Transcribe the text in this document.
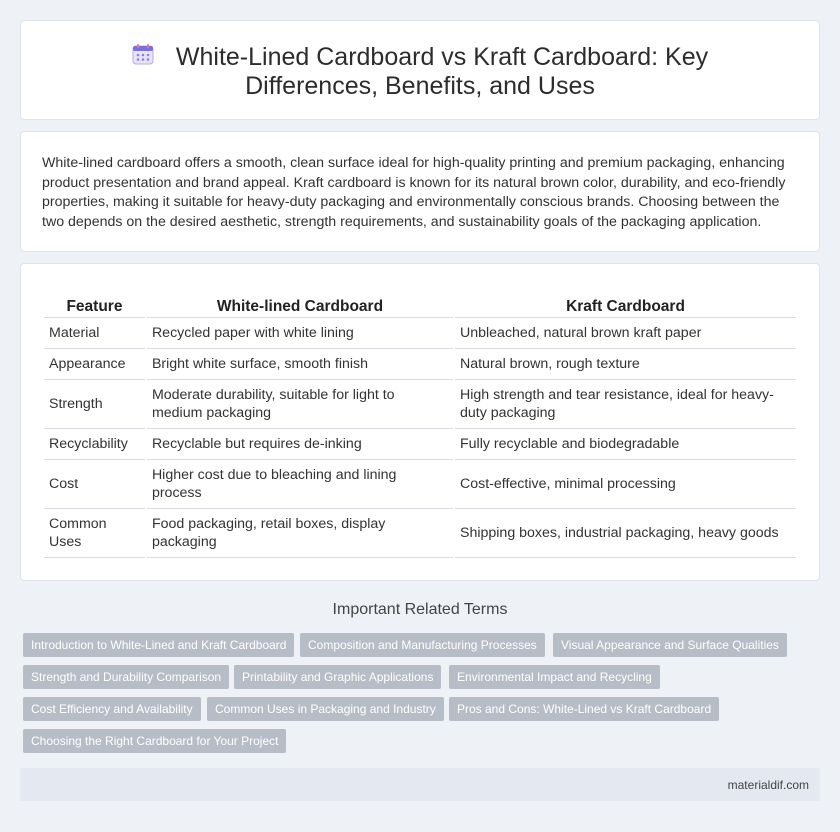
White-Lined Cardboard vs Kraft Cardboard: Key Differences, Benefits, and Uses

White-lined cardboard offers a smooth, clean surface ideal for high-quality printing and premium packaging, enhancing product presentation and brand appeal. Kraft cardboard is known for its natural brown color, durability, and eco-friendly properties, making it suitable for heavy-duty packaging and environmentally conscious brands. Choosing between the two depends on the desired aesthetic, strength requirements, and sustainability goals of the packaging application.

Feature	White-lined Cardboard	Kraft Cardboard
Material	Recycled paper with white lining	Unbleached, natural brown kraft paper
Appearance	Bright white surface, smooth finish	Natural brown, rough texture
Strength	Moderate durability, suitable for light to medium packaging	High strength and tear resistance, ideal for heavy-duty packaging
Recyclability	Recyclable but requires de-inking	Fully recyclable and biodegradable
Cost	Higher cost due to bleaching and lining process	Cost-effective, minimal processing
Common Uses	Food packaging, retail boxes, display packaging	Shipping boxes, industrial packaging, heavy goods
Important Related Terms
Introduction to White-Lined and Kraft Cardboard	Composition and Manufacturing Processes	Visual Appearance and Surface Qualities
Strength and Durability Comparison	Printability and Graphic Applications	Environmental Impact and Recycling
Cost Efficiency and Availability	Common Uses in Packaging and Industry	Pros and Cons: White-Lined vs Kraft Cardboard
Choosing the Right Cardboard for Your Project
materialdif.com
